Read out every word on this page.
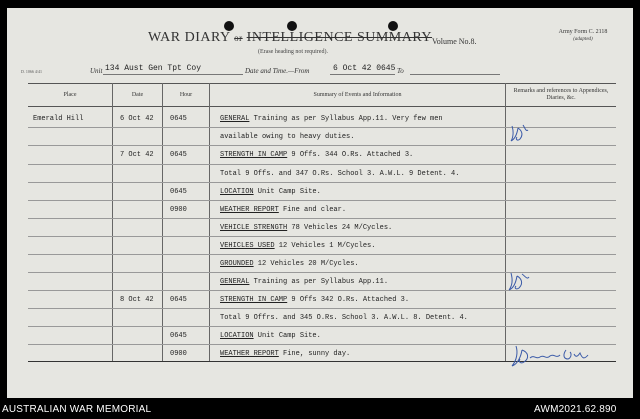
WAR DIARY or INTELLIGENCE SUMMARY
(Erase heading not required).
Volume No.8.
Army Form C. 2118
(adapted)
D. 1066 4/41	Unit 134 Aust Gen Tpt Coy	Date and Time.—From	6 Oct 42 0645 To
Place	Date	Hour	Summary of Events and Information
Remarks and references to Appendices, Diaries, &c.
Emerald Hill	6 Oct 42 0645	GENERAL Training as per Syllabus App.11. Very few men
available owing to heavy duties.
7 Oct 42 0645	STRENGTH IN CAMP 9 Offs. 344 O.Rs. Attached 3.
Total 9 Offs. and 347 O.Rs. School 3. A.W.L. 9 Detent. 4.
0645	LOCATION Unit Camp Site.
0900	WEATHER REPORT Fine and clear.
VEHICLE STRENGTH 78 Vehicles 24 M/Cycles.
VEHICLES USED 12 Vehicles 1 M/Cycles.
GROUNDED 12 Vehicles 20 M/Cycles.
GENERAL Training as per Syllabus App.11.
8 Oct 42 0645	STRENGTH IN CAMP 9 Offs 342 O.Rs. Attached 3.
Total 9 Offrs. and 345 O.Rs. School 3. A.W.L. 8. Detent. 4.
0645	LOCATION Unit Camp Site.
0900	WEATHER REPORT Fine, sunny day.
AUSTRALIAN WAR MEMORIAL	AWM2021.62.890
